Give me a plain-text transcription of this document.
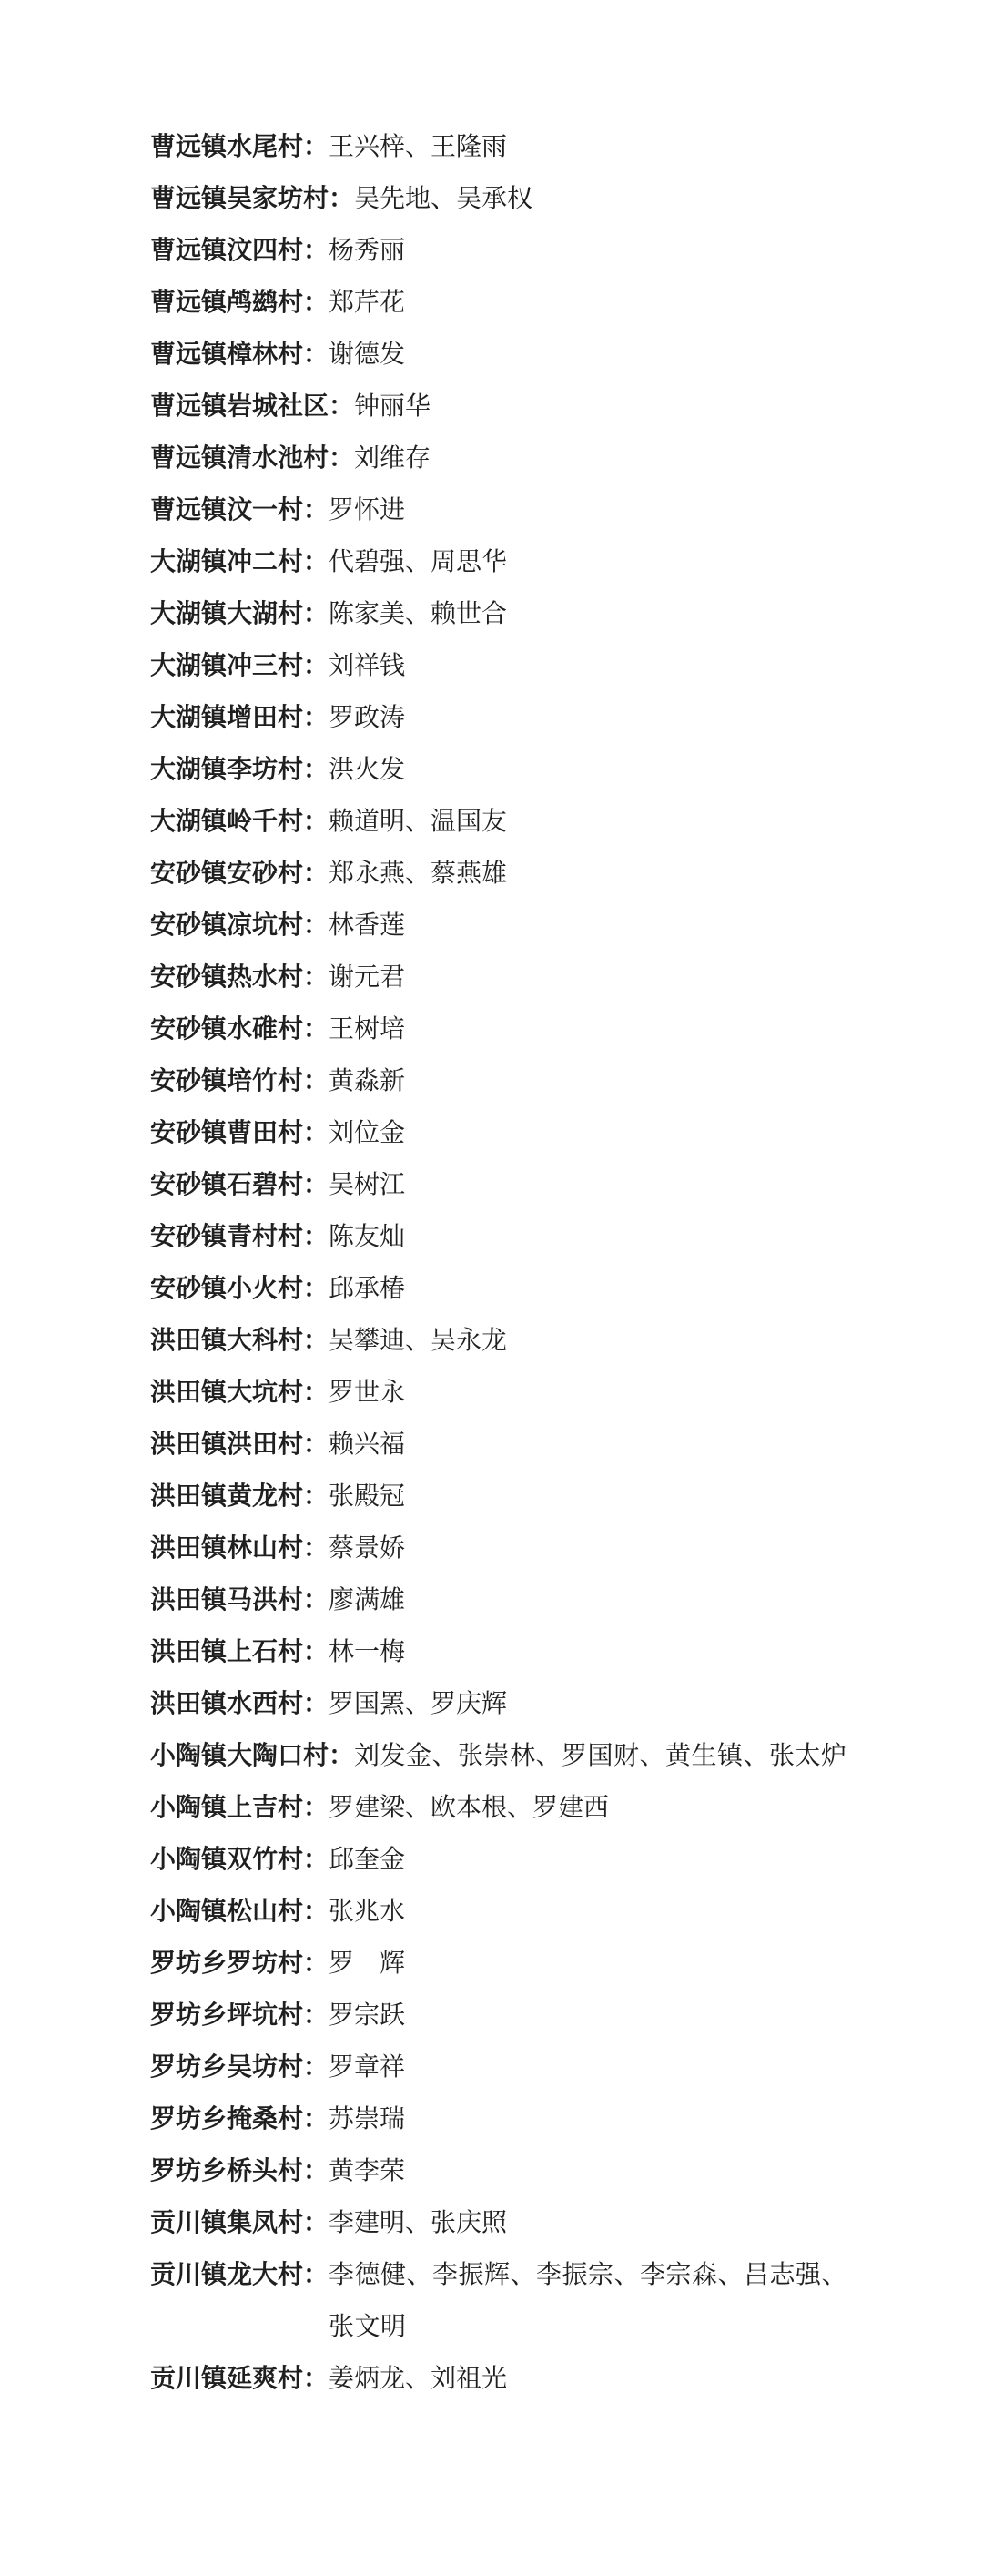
曹远镇水尾村： 王兴梓、王隆雨
曹远镇吴家坊村： 吴先地、吴承权
曹远镇汶四村： 杨秀丽
曹远镇鸬鹚村： 郑芹花
曹远镇樟林村： 谢德发
曹远镇岩城社区： 钟丽华
曹远镇清水池村： 刘维存
曹远镇汶一村： 罗怀进
大湖镇冲二村： 代碧强、周思华
大湖镇大湖村： 陈家美、赖世合
大湖镇冲三村： 刘祥钱
大湖镇增田村： 罗政涛
大湖镇李坊村： 洪火发
大湖镇岭千村： 赖道明、温国友
安砂镇安砂村： 郑永燕、蔡燕雄
安砂镇凉坑村： 林香莲
安砂镇热水村： 谢元君
安砂镇水碓村： 王树培
安砂镇培竹村： 黄淼新
安砂镇曹田村： 刘位金
安砂镇石碧村： 吴树江
安砂镇青村村： 陈友灿
安砂镇小火村： 邱承椿
洪田镇大科村： 吴攀迪、吴永龙
洪田镇大坑村： 罗世永
洪田镇洪田村： 赖兴福
洪田镇黄龙村： 张殿冠
洪田镇林山村： 蔡景娇
洪田镇马洪村： 廖满雄
洪田镇上石村： 林一梅
洪田镇水西村： 罗国罴、罗庆辉
小陶镇大陶口村：刘发金、张崇林、罗国财、黄生镇、张太炉
小陶镇上吉村： 罗建梁、欧本根、罗建西
小陶镇双竹村： 邱奎金
小陶镇松山村： 张兆水
罗坊乡罗坊村： 罗　辉
罗坊乡坪坑村： 罗宗跃
罗坊乡吴坊村： 罗章祥
罗坊乡掩桑村： 苏崇瑞
罗坊乡桥头村： 黄李荣
贡川镇集凤村： 李建明、张庆照
贡川镇龙大村： 李德健、李振辉、李振宗、李宗森、吕志强、张文明
贡川镇延爽村： 姜炳龙、刘祖光
